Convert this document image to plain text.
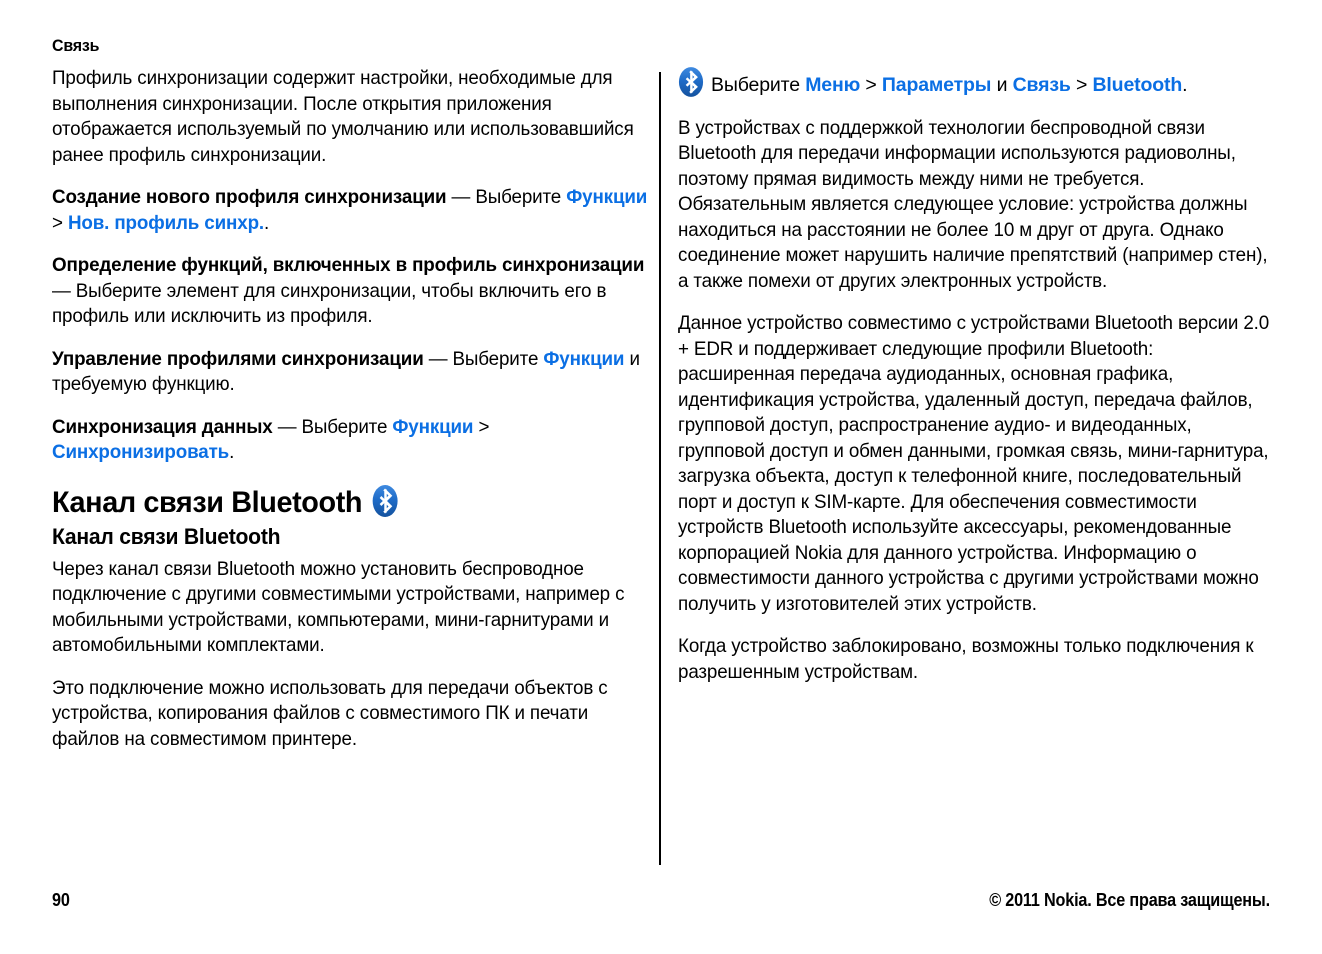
Связь

Профиль синхронизации содержит настройки, необходимые для выполнения синхронизации. После открытия приложения отображается используемый по умолчанию или использовавшийся ранее профиль синхронизации.

Создание нового профиля синхронизации — Выберите Функции > Нов. профиль синхр..

Определение функций, включенных в профиль синхронизации — Выберите элемент для синхронизации, чтобы включить его в профиль или исключить из профиля.

Управление профилями синхронизации — Выберите Функции и требуемую функцию.

Синхронизация данных — Выберите Функции > Синхронизировать.

Канал связи Bluetooth
Канал связи Bluetooth

Через канал связи Bluetooth можно установить беспроводное подключение с другими совместимыми устройствами, например с мобильными устройствами, компьютерами, мини-гарнитурами и автомобильными комплектами.

Это подключение можно использовать для передачи объектов с устройства, копирования файлов с совместимого ПК и печати файлов на совместимом принтере.

Выберите Меню > Параметры и Связь > Bluetooth.

В устройствах с поддержкой технологии беспроводной связи Bluetooth для передачи информации используются радиоволны, поэтому прямая видимость между ними не требуется. Обязательным является следующее условие: устройства должны находиться на расстоянии не более 10 м друг от друга. Однако соединение может нарушить наличие препятствий (например стен), а также помехи от других электронных устройств.

Данное устройство совместимо с устройствами Bluetooth версии 2.0 + EDR и поддерживает следующие профили Bluetooth: расширенная передача аудиоданных, основная графика, идентификация устройства, удаленный доступ, передача файлов, групповой доступ, распространение аудио- и видеоданных, групповой доступ и обмен данными, громкая связь, мини-гарнитура, загрузка объекта, доступ к телефонной книге, последовательный порт и доступ к SIM-карте. Для обеспечения совместимости устройств Bluetooth используйте аксессуары, рекомендованные корпорацией Nokia для данного устройства. Информацию о совместимости данного устройства с другими устройствами можно получить у изготовителей этих устройств.

Когда устройство заблокировано, возможны только подключения к разрешенным устройствам.

90	© 2011 Nokia. Все права защищены.
